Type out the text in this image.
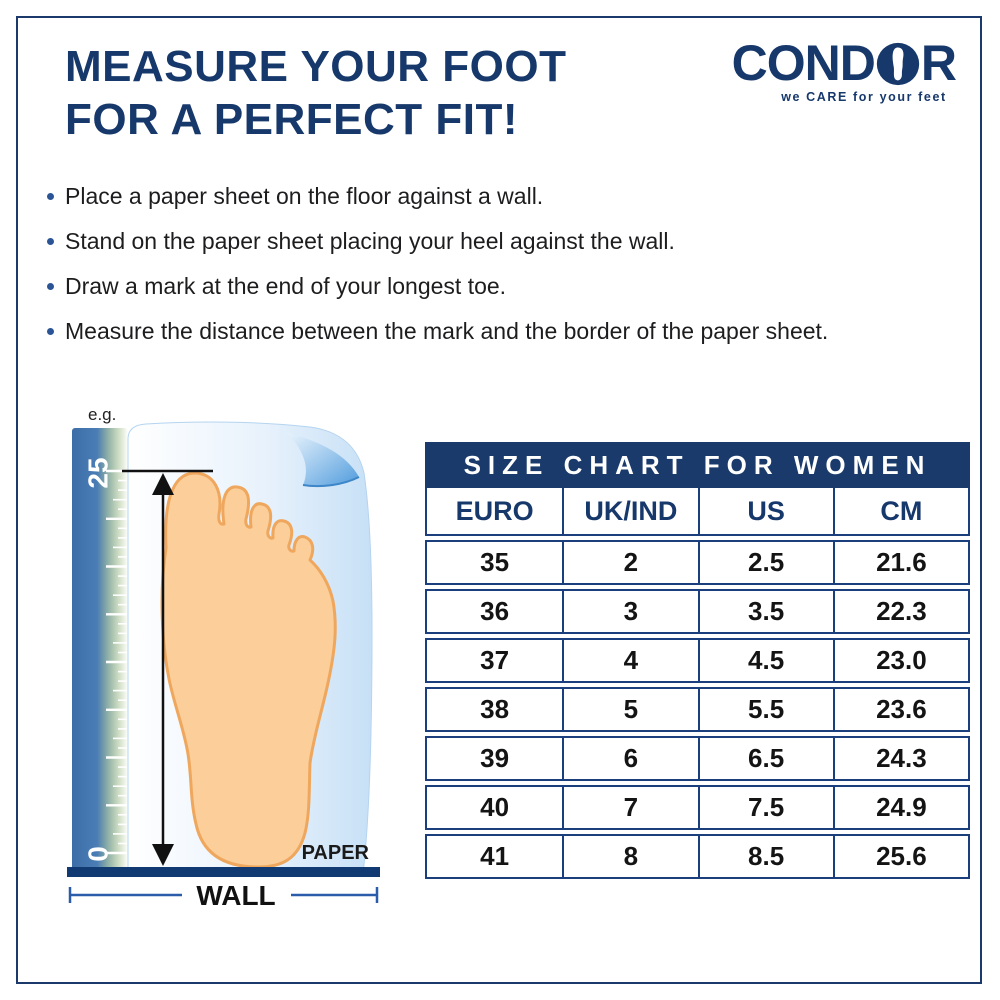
MEASURE YOUR FOOT
FOR A PERFECT FIT!
COND R
we CARE for your feet
Place a paper sheet on the floor against a wall.
Stand on the paper sheet placing your heel against the wall.
Draw a mark at the end of your longest toe.
Measure the distance between the mark and the border of the paper sheet.
e.g.
25
0	PAPER
WALL
SIZE CHART FOR WOMEN
EURO	UK/IND	US	CM
35	2	2.5	21.6
36	3	3.5	22.3
37	4	4.5	23.0
38	5	5.5	23.6
39	6	6.5	24.3
40	7	7.5	24.9
41	8	8.5	25.6
